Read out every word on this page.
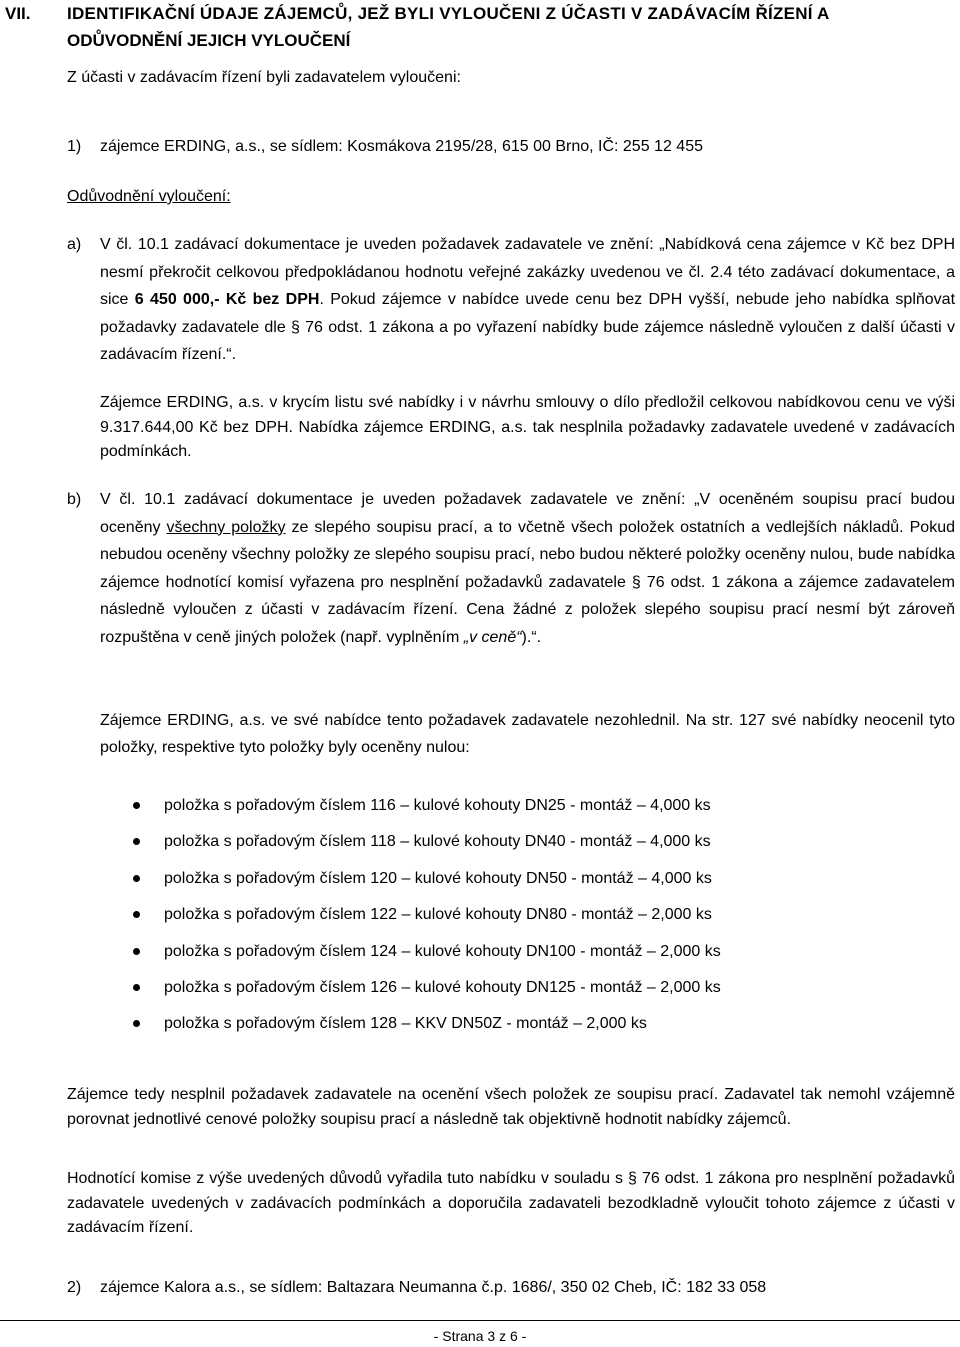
VII. IDENTIFIKAČNÍ ÚDAJE ZÁJEMCŮ, JEŽ BYLI VYLOUČENI Z ÚČASTI V ZADÁVACÍM ŘÍZENÍ A
ODŮVODNĚNÍ JEJICH VYLOUČENÍ
Z účasti v zadávacím řízení byli zadavatelem vyloučeni:
1) zájemce ERDING, a.s., se sídlem: Kosmákova 2195/28, 615 00 Brno, IČ: 255 12 455
Odůvodnění vyloučení:
a) V čl. 10.1 zadávací dokumentace je uveden požadavek zadavatele ve znění: „Nabídková cena zájemce v Kč bez DPH nesmí překročit celkovou předpokládanou hodnotu veřejné zakázky uvedenou ve čl. 2.4 této zadávací dokumentace, a sice 6 450 000,- Kč bez DPH. Pokud zájemce v nabídce uvede cenu bez DPH vyšší, nebude jeho nabídka splňovat požadavky zadavatele dle § 76 odst. 1 zákona a po vyřazení nabídky bude zájemce následně vyloučen z další účasti v zadávacím řízení.“.
Zájemce ERDING, a.s. v krycím listu své nabídky i v návrhu smlouvy o dílo předložil celkovou nabídkovou cenu ve výši 9.317.644,00 Kč bez DPH. Nabídka zájemce ERDING, a.s. tak nesplnila požadavky zadavatele uvedené v zadávacích podmínkách.
b) V čl. 10.1 zadávací dokumentace je uveden požadavek zadavatele ve znění: „V oceněném soupisu prací budou oceněny všechny položky ze slepého soupisu prací, a to včetně všech položek ostatních a vedlejších nákladů. Pokud nebudou oceněny všechny položky ze slepého soupisu prací, nebo budou některé položky oceněny nulou, bude nabídka zájemce hodnotící komisí vyřazena pro nesplnění požadavků zadavatele § 76 odst. 1 zákona a zájemce zadavatelem následně vyloučen z účasti v zadávacím řízení. Cena žádné z položek slepého soupisu prací nesmí být zároveň rozpuštěna v ceně jiných položek (např. vyplněním „v ceně“).“.
Zájemce ERDING, a.s. ve své nabídce tento požadavek zadavatele nezohlednil. Na str. 127 své nabídky neocenil tyto položky, respektive tyto položky byly oceněny nulou:
položka s pořadovým číslem 116 – kulové kohouty DN25 - montáž – 4,000 ks
položka s pořadovým číslem 118 – kulové kohouty DN40 - montáž – 4,000 ks
položka s pořadovým číslem 120 – kulové kohouty DN50 - montáž – 4,000 ks
položka s pořadovým číslem 122 – kulové kohouty DN80 - montáž – 2,000 ks
položka s pořadovým číslem 124 – kulové kohouty DN100 - montáž – 2,000 ks
položka s pořadovým číslem 126 – kulové kohouty DN125 - montáž – 2,000 ks
položka s pořadovým číslem 128 – KKV DN50Z - montáž – 2,000 ks
Zájemce tedy nesplnil požadavek zadavatele na ocenění všech položek ze soupisu prací. Zadavatel tak nemohl vzájemně porovnat jednotlivé cenové položky soupisu prací a následně tak objektivně hodnotit nabídky zájemců.
Hodnotící komise z výše uvedených důvodů vyřadila tuto nabídku v souladu s § 76 odst. 1 zákona pro nesplnění požadavků zadavatele uvedených v zadávacích podmínkách a doporučila zadavateli bezodkladně vyloučit tohoto zájemce z účasti v zadávacím řízení.
2) zájemce Kalora a.s., se sídlem: Baltazara Neumanna č.p. 1686/, 350 02 Cheb, IČ: 182 33 058
- Strana 3 z 6 -
